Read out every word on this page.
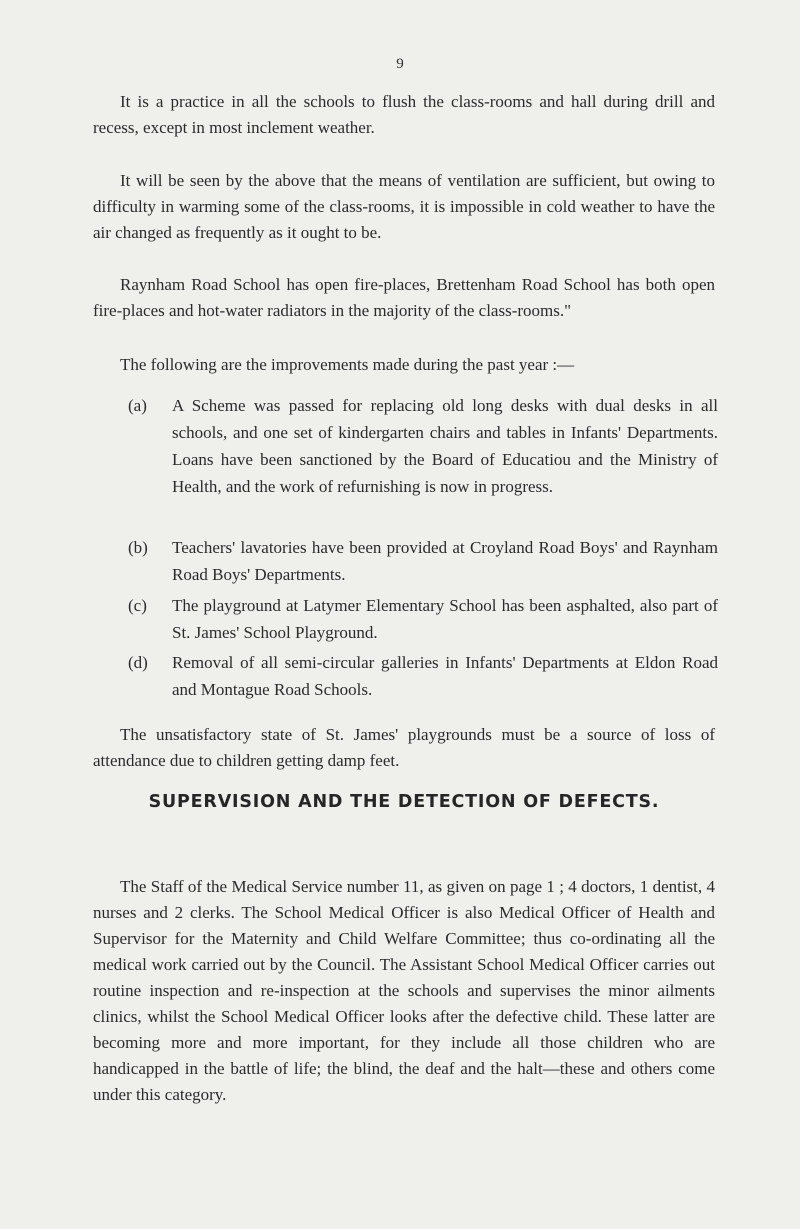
9

It is a practice in all the schools to flush the class-rooms and hall during drill and recess, except in most inclement weather.

It will be seen by the above that the means of ventilation are sufficient, but owing to difficulty in warming some of the class-rooms, it is impossible in cold weather to have the air changed as frequently as it ought to be.

Raynham Road School has open fire-places, Brettenham Road School has both open fire-places and hot-water radiators in the majority of the class-rooms."

The following are the improvements made during the past year :—

(a)	A Scheme was passed for replacing old long desks with dual desks in all schools, and one set of kindergarten chairs and tables in Infants' Departments. Loans have been sanctioned by the Board of Educatiou and the Ministry of Health, and the work of refurnishing is now in progress.
(b)	Teachers' lavatories have been provided at Croyland Road Boys' and Raynham Road Boys' Departments.
(c)	The playground at Latymer Elementary School has been asphalted, also part of St. James' School Playground.
(d)	Removal of all semi-circular galleries in Infants' Departments at Eldon Road and Montague Road Schools.

The unsatisfactory state of St. James' playgrounds must be a source of loss of attendance due to children getting damp feet.

SUPERVISION AND THE DETECTION OF DEFECTS.

The Staff of the Medical Service number 11, as given on page 1 ; 4 doctors, 1 dentist, 4 nurses and 2 clerks. The School Medical Officer is also Medical Officer of Health and Supervisor for the Maternity and Child Welfare Committee; thus co-ordinating all the medical work carried out by the Council. The Assistant School Medical Officer carries out routine inspection and re-inspection at the schools and supervises the minor ailments clinics, whilst the School Medical Officer looks after the defective child. These latter are becoming more and more important, for they include all those children who are handicapped in the battle of life; the blind, the deaf and the halt—these and others come under this category.
